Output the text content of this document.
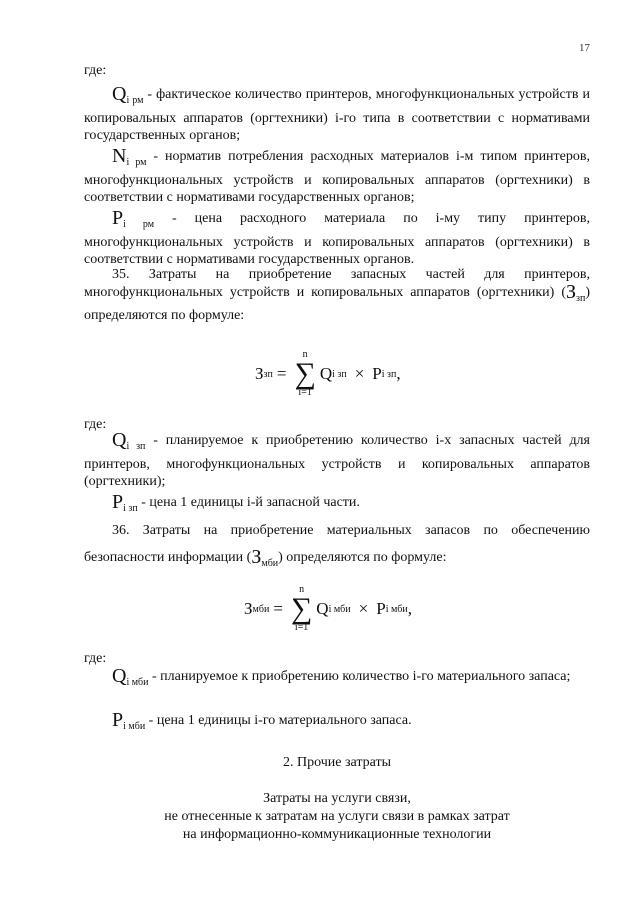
17
где:
$Q_{i рм}$ - фактическое количество принтеров, многофункциональных устройств и копировальных аппаратов (оргтехники) i-го типа в соответствии с нормативами государственных органов;
$N_{i рм}$ - норматив потребления расходных материалов i-м типом принтеров, многофункциональных устройств и копировальных аппаратов (оргтехники) в соответствии с нормативами государственных органов;
$P_{i рм}$ - цена расходного материала по i-му типу принтеров, многофункциональных устройств и копировальных аппаратов (оргтехники) в соответствии с нормативами государственных органов.
35. Затраты на приобретение запасных частей для принтеров, многофункциональных устройств и копировальных аппаратов (оргтехники) $(З_{зп})$ определяются по формуле:
З зп =
n
∑
i=1
Q i зп × P i зп ,
где:
$Q_{i зп}$ - планируемое к приобретению количество i-х запасных частей для принтеров, многофункциональных устройств и копировальных аппаратов (оргтехники);
$P_{i зп}$ - цена 1 единицы i-й запасной части.
36. Затраты на приобретение материальных запасов по обеспечению безопасности информации $(З_{мби})$ определяются по формуле:
З мби =
n
∑
i=1
Q i мби × P i мби ,
где:
$Q_{i мби}$ - планируемое к приобретению количество i-го материального запаса;
$P_{i мби}$ - цена 1 единицы i-го материального запаса.
2. Прочие затраты
Затраты на услуги связи,
не отнесенные к затратам на услуги связи в рамках затрат
на информационно-коммуникационные технологии
